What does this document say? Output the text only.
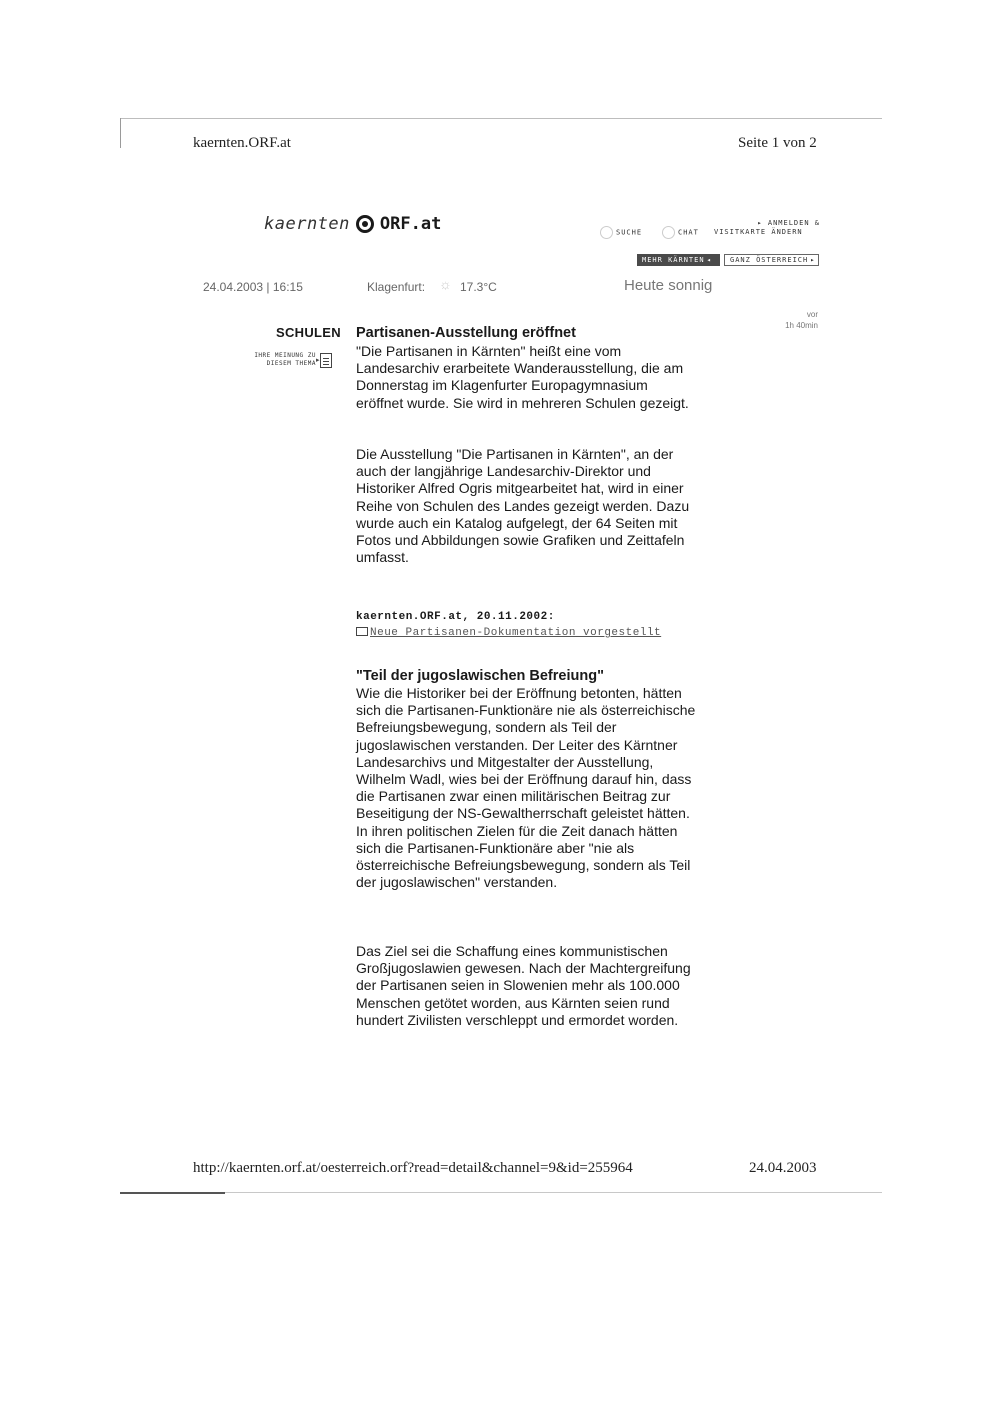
kaernten.ORF.at	Seite 1 von 2
kaernten ORF.at	▸ ANMELDEN &
SUCHE	CHAT VISITKARTE ÄNDERN
MEHR KÄRNTEN ◂	GANZ ÖSTERREICH ▸
24.04.2003 | 16:15	Klagenfurt: ☼ 17.3°C	Heute sonnig
vor
1h 40min
SCHULEN
IHRE MEINUNG ZU
DIESEM THEMA ▸
Partisanen-Ausstellung eröffnet
"Die Partisanen in Kärnten" heißt eine vom Landesarchiv erarbeitete Wanderausstellung, die am Donnerstag im Klagenfurter Europagymnasium eröffnet wurde. Sie wird in mehreren Schulen gezeigt.
Die Ausstellung "Die Partisanen in Kärnten", an der auch der langjährige Landesarchiv-Direktor und Historiker Alfred Ogris mitgearbeitet hat, wird in einer Reihe von Schulen des Landes gezeigt werden. Dazu wurde auch ein Katalog aufgelegt, der 64 Seiten mit Fotos und Abbildungen sowie Grafiken und Zeittafeln umfasst.
kaernten.ORF.at, 20.11.2002:
Neue Partisanen-Dokumentation vorgestellt
"Teil der jugoslawischen Befreiung"
Wie die Historiker bei der Eröffnung betonten, hätten sich die Partisanen-Funktionäre nie als österreichische Befreiungsbewegung, sondern als Teil der jugoslawischen verstanden. Der Leiter des Kärntner Landesarchivs und Mitgestalter der Ausstellung, Wilhelm Wadl, wies bei der Eröffnung darauf hin, dass die Partisanen zwar einen militärischen Beitrag zur Beseitigung der NS-Gewaltherrschaft geleistet hätten. In ihren politischen Zielen für die Zeit danach hätten sich die Partisanen-Funktionäre aber "nie als österreichische Befreiungsbewegung, sondern als Teil der jugoslawischen" verstanden.
Das Ziel sei die Schaffung eines kommunistischen Großjugoslawien gewesen. Nach der Machtergreifung der Partisanen seien in Slowenien mehr als 100.000 Menschen getötet worden, aus Kärnten seien rund hundert Zivilisten verschleppt und ermordet worden.
http://kaernten.orf.at/oesterreich.orf?read=detail&channel=9&id=255964	24.04.2003
